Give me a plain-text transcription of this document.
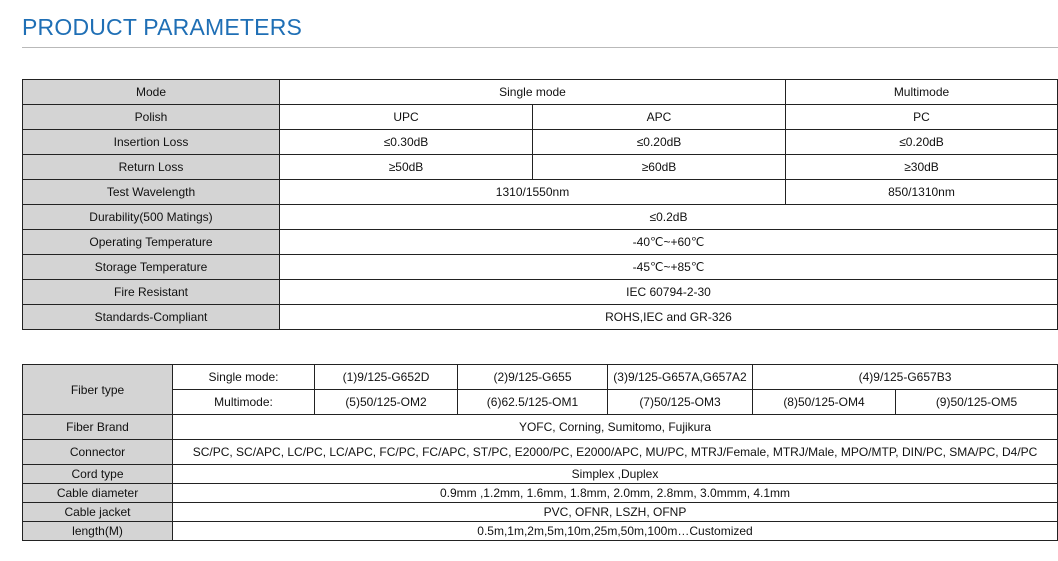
PRODUCT PARAMETERS
Mode	Single mode		Multimode
Polish	UPC	APC	PC
Insertion Loss	≤0.30dB	≤0.20dB	≤0.20dB
Return Loss	≥50dB	≥60dB	≥30dB
Test Wavelength	1310/1550nm		850/1310nm
Durability(500 Matings)	≤0.2dB		
Operating Temperature	-40℃~+60℃		
Storage Temperature	-45℃~+85℃		
Fire Resistant	IEC 60794-2-30		
Standards-Compliant	ROHS,IEC and GR-326		
Fiber type	Single mode:	(1)9/125-G652D	(2)9/125-G655	(3)9/125-G657A,G657A2	(4)9/125-G657B3	
	Multimode:	(5)50/125-OM2	(6)62.5/125-OM1	(7)50/125-OM3	(8)50/125-OM4	(9)50/125-OM5
Fiber Brand	YOFC, Corning, Sumitomo, Fujikura					
Connector	SC/PC, SC/APC, LC/PC, LC/APC, FC/PC, FC/APC, ST/PC, E2000/PC, E2000/APC, MU/PC, MTRJ/Female, MTRJ/Male, MPO/MTP, DIN/PC, SMA/PC, D4/PC					
Cord type	Simplex ,Duplex					
Cable diameter	0.9mm ,1.2mm, 1.6mm, 1.8mm, 2.0mm, 2.8mm, 3.0mmm, 4.1mm					
Cable jacket	PVC, OFNR, LSZH, OFNP					
length(M)	0.5m,1m,2m,5m,10m,25m,50m,100m…Customized					
